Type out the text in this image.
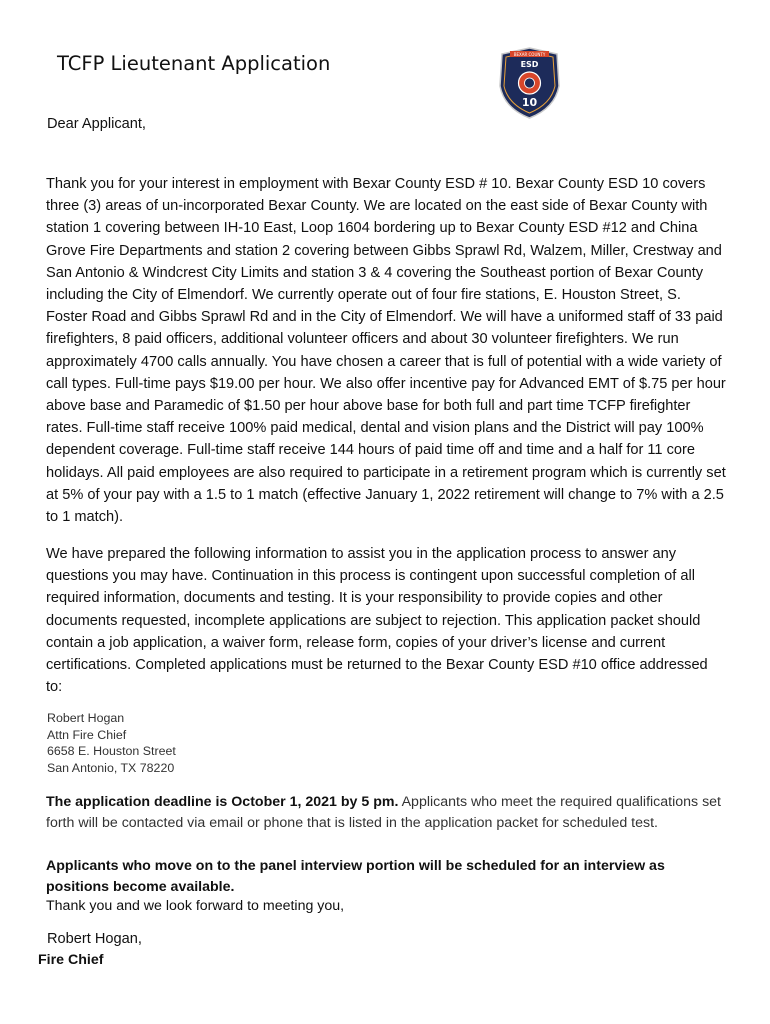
TCFP Lieutenant Application	BEXAR COUNTY
ESD
10
Dear Applicant,
Thank you for your interest in employment with Bexar County ESD # 10. Bexar County ESD 10 covers three (3) areas of un-incorporated Bexar County. We are located on the east side of Bexar County with station 1 covering between IH-10 East, Loop 1604 bordering up to Bexar County ESD #12 and China Grove Fire Departments and station 2 covering between Gibbs Sprawl Rd, Walzem, Miller, Crestway and San Antonio & Windcrest City Limits and station 3 & 4 covering the Southeast portion of Bexar County including the City of Elmendorf. We currently operate out of four fire stations, E. Houston Street, S. Foster Road and Gibbs Sprawl Rd and in the City of Elmendorf. We will have a uniformed staff of 33 paid firefighters, 8 paid officers, additional volunteer officers and about 30 volunteer firefighters. We run approximately 4700 calls annually. You have chosen a career that is full of potential with a wide variety of call types. Full-time pays $19.00 per hour. We also offer incentive pay for Advanced EMT of $.75 per hour above base and Paramedic of $1.50 per hour above base for both full and part time TCFP firefighter rates. Full-time staff receive 100% paid medical, dental and vision plans and the District will pay 100% dependent coverage. Full-time staff receive 144 hours of paid time off and time and a half for 11 core holidays. All paid employees are also required to participate in a retirement program which is currently set at 5% of your pay with a 1.5 to 1 match (effective January 1, 2022 retirement will change to 7% with a 2.5 to 1 match).
We have prepared the following information to assist you in the application process to answer any questions you may have. Continuation in this process is contingent upon successful completion of all required information, documents and testing. It is your responsibility to provide copies and other documents requested, incomplete applications are subject to rejection. This application packet should contain a job application, a waiver form, release form, copies of your driver’s license and current certifications. Completed applications must be returned to the Bexar County ESD #10 office addressed to:
Robert Hogan
Attn Fire Chief
6658 E. Houston Street
San Antonio, TX 78220
The application deadline is October 1, 2021 by 5 pm. Applicants who meet the required qualifications set forth will be contacted via email or phone that is listed in the application packet for scheduled test.
Applicants who move on to the panel interview portion will be scheduled for an interview as positions become available.
Thank you and we look forward to meeting you,
Robert Hogan,
Fire Chief
